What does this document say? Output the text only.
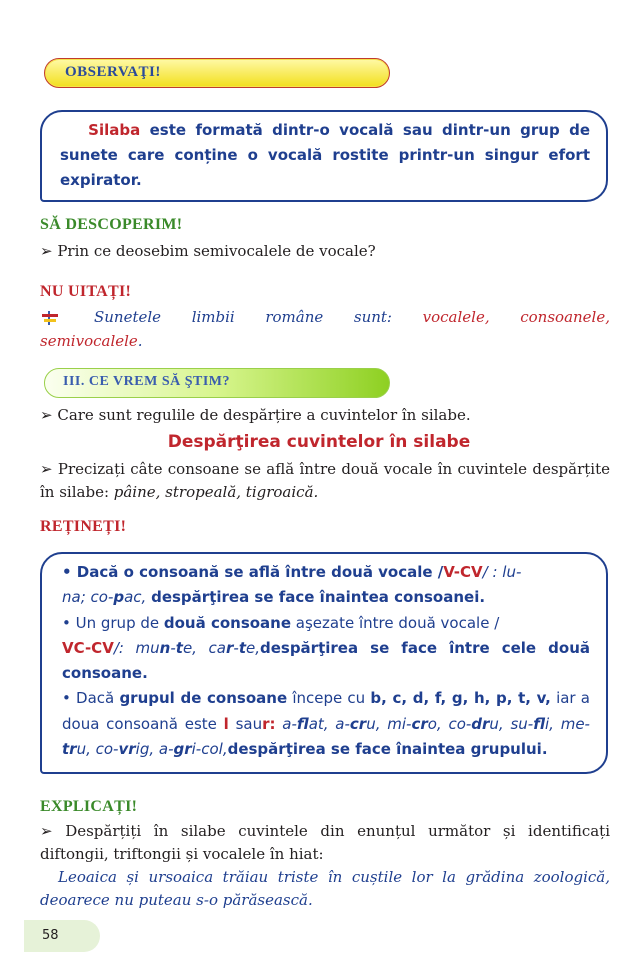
OBSERVAŢI!
Silaba este formată dintr-o vocală sau dintr-un grup de sunete care conține o vocală rostite printr-un singur efort expirator.
SĂ DESCOPERIM!
➢ Prin ce deosebim semivocalele de vocale?
NU UITAȚI!
Sunetele limbii române sunt: vocalele, consoanele,
semivocalele.
III. CE VREM SĂ ŞTIM?
➢ Care sunt regulile de despărțire a cuvintelor în silabe.
Despărţirea cuvintelor în silabe
➢ Precizați câte consoane se află între două vocale în cuvintele despărțite în silabe: pâine, stropeală, tigroaică.
REȚINEȚI!
• Dacă o consoană se află între două vocale /V-CV/ : lu-
na; co-pac, despărţirea se face înaintea consoanei.
• Un grup de două consoane aşezate între două vocale /
VC-CV/: mun-te, car-te,despărţirea se face între cele două consoane.
• Dacă grupul de consoane începe cu b, c, d, f, g, h, p, t, v, iar a doua consoană este l saur: a-flat, a-cru, mi-cro, co-dru, su-fli, me-tru, co-vrig, a-gri-col,despărţirea se face înaintea grupului.
EXPLICAȚI!
➢ Despărțiți în silabe cuvintele din enunțul următor și identificați diftongii, triftongii și vocalele în hiat:
Leoaica și ursoaica trăiau triste în cuștile lor la grădina zoologică, deoarece nu puteau s-o părăsească.
58
